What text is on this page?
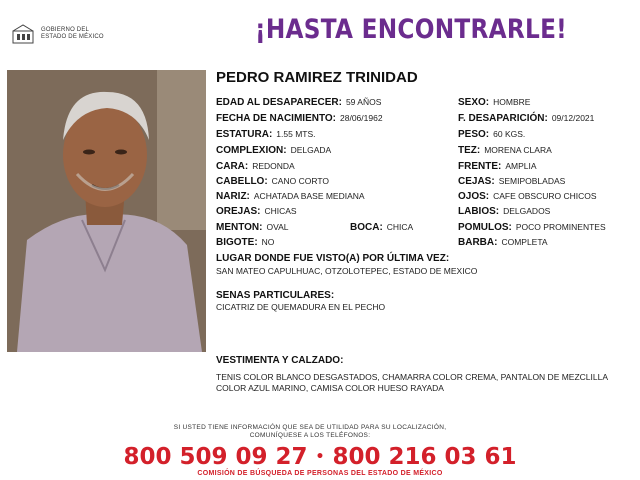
GOBIERNO DEL
ESTADO DE MÉXICO	¡HASTA ENCONTRARLE!
PEDRO RAMIREZ TRINIDAD
EDAD AL DESAPARECER: 59 AÑOS
FECHA DE NACIMIENTO: 28/06/1962
ESTATURA: 1.55 MTS.
COMPLEXION: DELGADA
CARA: REDONDA
CABELLO: CANO CORTO
NARIZ: ACHATADA BASE MEDIANA
OREJAS: CHICAS
MENTON: OVAL	BOCA: CHICA
BIGOTE: NO
SEXO: HOMBRE
F. DESAPARICIÓN: 09/12/2021
PESO: 60 KGS.
TEZ: MORENA CLARA
FRENTE: AMPLIA
CEJAS: SEMIPOBLADAS
OJOS: CAFE OBSCURO CHICOS
LABIOS: DELGADOS
POMULOS: POCO PROMINENTES
BARBA: COMPLETA
LUGAR DONDE FUE VISTO(A) POR ÚLTIMA VEZ:
SAN MATEO CAPULHUAC, OTZOLOTEPEC, ESTADO DE MEXICO
SENAS PARTICULARES:
CICATRIZ DE QUEMADURA EN EL PECHO
VESTIMENTA Y CALZADO:
TENIS COLOR BLANCO DESGASTADOS, CHAMARRA COLOR CREMA, PANTALON DE MEZCLILLA COLOR AZUL MARINO, CAMISA COLOR HUESO RAYADA
SI USTED TIENE INFORMACIÓN QUE SEA DE UTILIDAD PARA SU LOCALIZACIÓN,
COMUNÍQUESE A LOS TELÉFONOS:
800 509 09 27 • 800 216 03 61
COMISIÓN DE BÚSQUEDA DE PERSONAS DEL ESTADO DE MÉXICO
